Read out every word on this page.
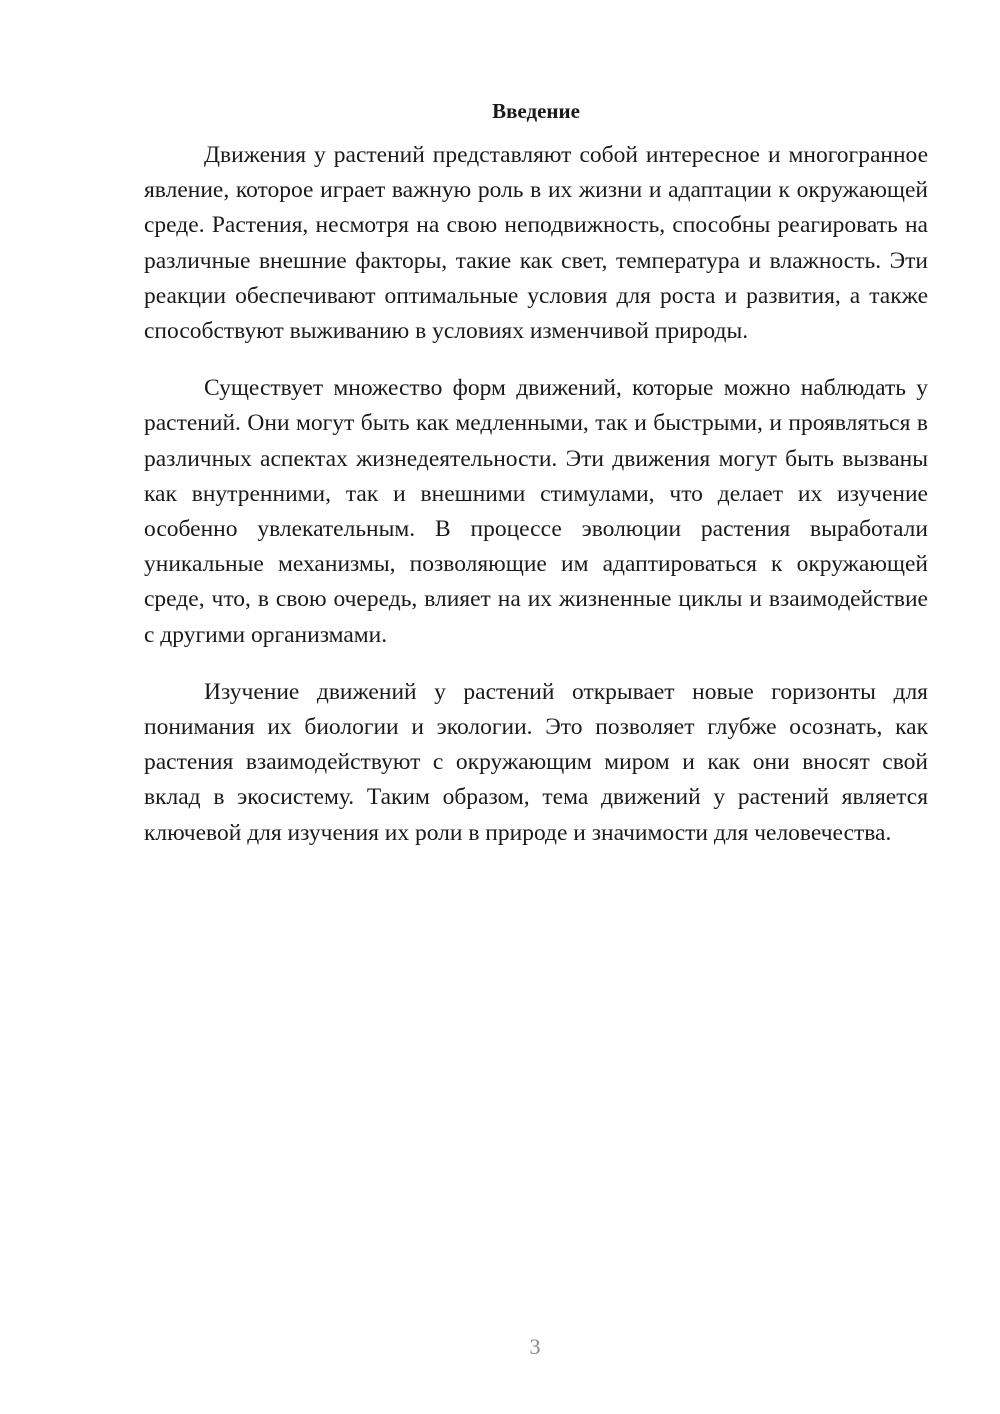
Введение

Движения у растений представляют собой интересное и многогранное явление, которое играет важную роль в их жизни и адаптации к окружающей среде. Растения, несмотря на свою неподвижность, способны реагировать на различные внешние факторы, такие как свет, температура и влажность. Эти реакции обеспечивают оптимальные условия для роста и развития, а также способствуют выживанию в условиях изменчивой природы.

Существует множество форм движений, которые можно наблюдать у растений. Они могут быть как медленными, так и быстрыми, и проявляться в различных аспектах жизнедеятельности. Эти движения могут быть вызваны как внутренними, так и внешними стимулами, что делает их изучение особенно увлекательным. В процессе эволюции растения выработали уникальные механизмы, позволяющие им адаптироваться к окружающей среде, что, в свою очередь, влияет на их жизненные циклы и взаимодействие с другими организмами.

Изучение движений у растений открывает новые горизонты для понимания их биологии и экологии. Это позволяет глубже осознать, как растения взаимодействуют с окружающим миром и как они вносят свой вклад в экосистему. Таким образом, тема движений у растений является ключевой для изучения их роли в природе и значимости для человечества.

3
